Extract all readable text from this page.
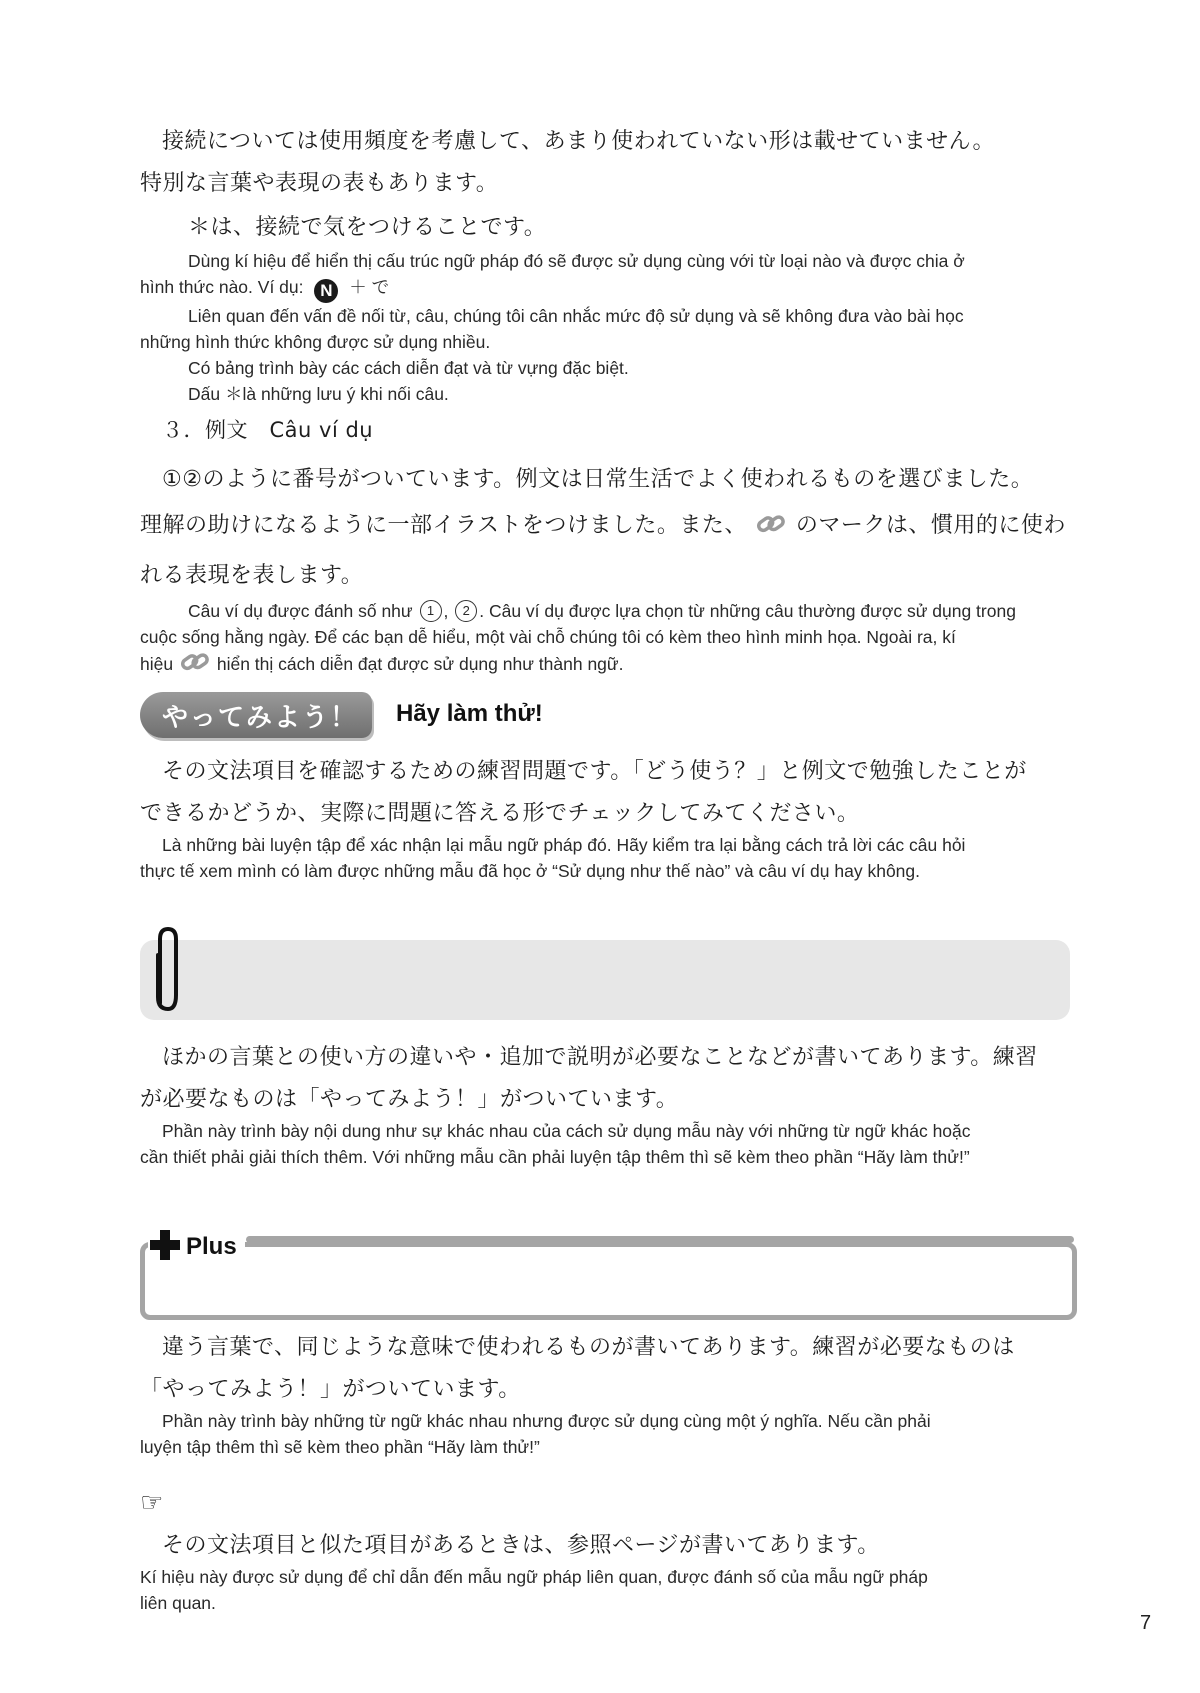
接続については使用頻度を考慮して、あまり使われていない形は載せていません。
特別な言葉や表現の表もあります。
＊は、接続で気をつけることです。
Dùng kí hiệu để hiển thị cấu trúc ngữ pháp đó sẽ được sử dụng cùng với từ loại nào và được chia ở
hình thức nào. Ví dụ: N ＋ で
Liên quan đến vấn đề nối từ, câu, chúng tôi cân nhắc mức độ sử dụng và sẽ không đưa vào bài học
những hình thức không được sử dụng nhiều.
Có bảng trình bày các cách diễn đạt và từ vựng đặc biệt.
Dấu ＊là những lưu ý khi nối câu.
３．例文　Câu ví dụ
①②のように番号がついています。例文は日常生活でよく使われるものを選びました。
理解の助けになるように一部イラストをつけました。また、 のマークは、慣用的に使わ
れる表現を表します。
Câu ví dụ được đánh số như 1 , 2 . Câu ví dụ được lựa chọn từ những câu thường được sử dụng trong
cuộc sống hằng ngày. Để các bạn dễ hiểu, một vài chỗ chúng tôi có kèm theo hình minh họa. Ngoài ra, kí
hiệu	hiển thị cách diễn đạt được sử dụng như thành ngữ.
やってみよう！ Hãy làm thử!
その文法項目を確認するための練習問題です。「どう使う？」と例文で勉強したことが
できるかどうか、実際に問題に答える形でチェックしてみてください。
Là những bài luyện tập để xác nhận lại mẫu ngữ pháp đó. Hãy kiểm tra lại bằng cách trả lời các câu hỏi
thực tế xem mình có làm được những mẫu đã học ở “Sử dụng như thế nào” và câu ví dụ hay không.
ほかの言葉との使い方の違いや・追加で説明が必要なことなどが書いてあります。練習
が必要なものは「やってみよう！」がついています。
Phần này trình bày nội dung như sự khác nhau của cách sử dụng mẫu này với những từ ngữ khác hoặc
cần thiết phải giải thích thêm. Với những mẫu cần phải luyện tập thêm thì sẽ kèm theo phần “Hãy làm thử!”
Plus
違う言葉で、同じような意味で使われるものが書いてあります。練習が必要なものは
「やってみよう！」がついています。
Phần này trình bày những từ ngữ khác nhau nhưng được sử dụng cùng một ý nghĩa. Nếu cần phải
luyện tập thêm thì sẽ kèm theo phần “Hãy làm thử!”
☞
その文法項目と似た項目があるときは、参照ページが書いてあります。
Kí hiệu này được sử dụng để chỉ dẫn đến mẫu ngữ pháp liên quan, được đánh số của mẫu ngữ pháp
liên quan.
7
